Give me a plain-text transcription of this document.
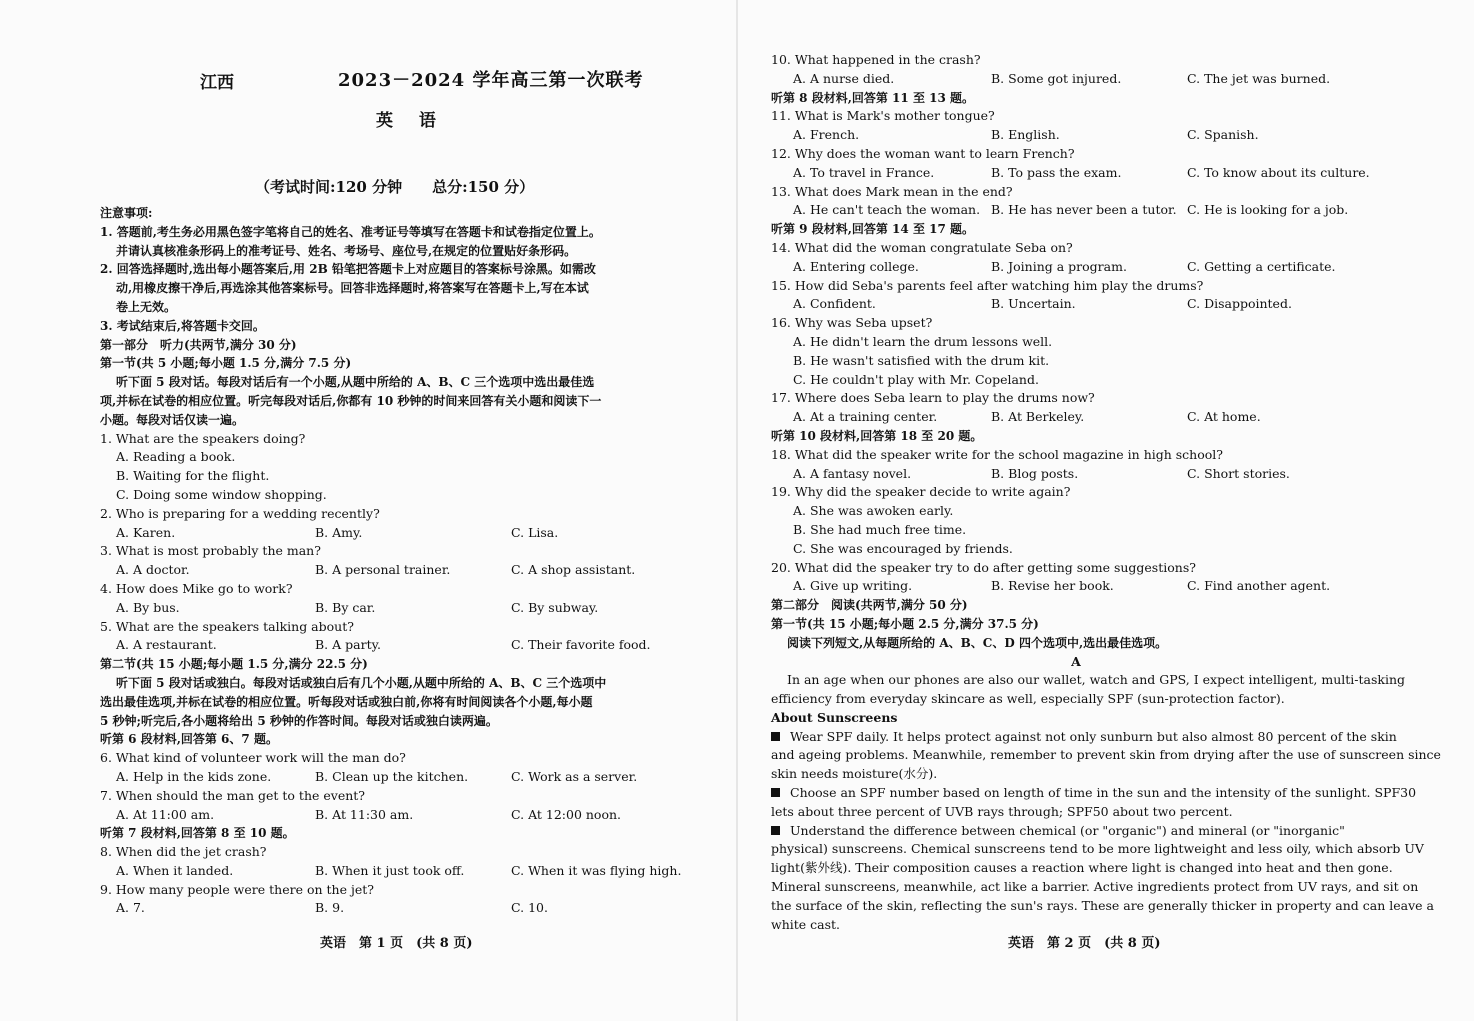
江西	2023－2024 学年高三第一次联考
英 语
（考试时间:120 分钟　　总分:150 分）
注意事项:
1. 答题前,考生务必用黑色签字笔将自己的姓名、准考证号等填写在答题卡和试卷指定位置上。
并请认真核准条形码上的准考证号、姓名、考场号、座位号,在规定的位置贴好条形码。
2. 回答选择题时,选出每小题答案后,用 2B 铅笔把答题卡上对应题目的答案标号涂黑。如需改
动,用橡皮擦干净后,再选涂其他答案标号。回答非选择题时,将答案写在答题卡上,写在本试
卷上无效。
3. 考试结束后,将答题卡交回。
第一部分　听力(共两节,满分 30 分)
第一节(共 5 小题;每小题 1.5 分,满分 7.5 分)
听下面 5 段对话。每段对话后有一个小题,从题中所给的 A、B、C 三个选项中选出最佳选
项,并标在试卷的相应位置。听完每段对话后,你都有 10 秒钟的时间来回答有关小题和阅读下一
小题。每段对话仅读一遍。
1. What are the speakers doing?
A. Reading a book.
B. Waiting for the flight.
C. Doing some window shopping.
2. Who is preparing for a wedding recently?
A. Karen.	B. Amy.	C. Lisa.
3. What is most probably the man?
A. A doctor.	B. A personal trainer.	C. A shop assistant.
4. How does Mike go to work?
A. By bus.	B. By car.	C. By subway.
5. What are the speakers talking about?
A. A restaurant.	B. A party.	C. Their favorite food.
第二节(共 15 小题;每小题 1.5 分,满分 22.5 分)
听下面 5 段对话或独白。每段对话或独白后有几个小题,从题中所给的 A、B、C 三个选项中
选出最佳选项,并标在试卷的相应位置。听每段对话或独白前,你将有时间阅读各个小题,每小题
5 秒钟;听完后,各小题将给出 5 秒钟的作答时间。每段对话或独白读两遍。
听第 6 段材料,回答第 6、7 题。
6. What kind of volunteer work will the man do?
A. Help in the kids zone.	B. Clean up the kitchen.	C. Work as a server.
7. When should the man get to the event?
A. At 11:00 am.	B. At 11:30 am.	C. At 12:00 noon.
听第 7 段材料,回答第 8 至 10 题。
8. When did the jet crash?
A. When it landed.	B. When it just took off.	C. When it was flying high.
9. How many people were there on the jet?
A. 7.	B. 9.	C. 10.
英语　第 1 页　(共 8 页)
10. What happened in the crash?
A. A nurse died.	B. Some got injured.	C. The jet was burned.
听第 8 段材料,回答第 11 至 13 题。
11. What is Mark's mother tongue?
A. French.	B. English.	C. Spanish.
12. Why does the woman want to learn French?
A. To travel in France.	B. To pass the exam.	C. To know about its culture.
13. What does Mark mean in the end?
A. He can't teach the woman. B. He has never been a tutor. C. He is looking for a job.
听第 9 段材料,回答第 14 至 17 题。
14. What did the woman congratulate Seba on?
A. Entering college.	B. Joining a program.	C. Getting a certificate.
15. How did Seba's parents feel after watching him play the drums?
A. Confident.	B. Uncertain.	C. Disappointed.
16. Why was Seba upset?
A. He didn't learn the drum lessons well.
B. He wasn't satisfied with the drum kit.
C. He couldn't play with Mr. Copeland.
17. Where does Seba learn to play the drums now?
A. At a training center.	B. At Berkeley.	C. At home.
听第 10 段材料,回答第 18 至 20 题。
18. What did the speaker write for the school magazine in high school?
A. A fantasy novel.	B. Blog posts.	C. Short stories.
19. Why did the speaker decide to write again?
A. She was awoken early.
B. She had much free time.
C. She was encouraged by friends.
20. What did the speaker try to do after getting some suggestions?
A. Give up writing.	B. Revise her book.	C. Find another agent.
第二部分　阅读(共两节,满分 50 分)
第一节(共 15 小题;每小题 2.5 分,满分 37.5 分)
阅读下列短文,从每题所给的 A、B、C、D 四个选项中,选出最佳选项。
A
In an age when our phones are also our wallet, watch and GPS, I expect intelligent, multi-tasking
efficiency from everyday skincare as well, especially SPF (sun-protection factor).
About Sunscreens
Wear SPF daily. It helps protect against not only sunburn but also almost 80 percent of the skin
and ageing problems. Meanwhile, remember to prevent skin from drying after the use of sunscreen since
skin needs moisture(水分).
Choose an SPF number based on length of time in the sun and the intensity of the sunlight. SPF30
lets about three percent of UVB rays through; SPF50 about two percent.
Understand the difference between chemical (or "organic") and mineral (or "inorganic"
physical) sunscreens. Chemical sunscreens tend to be more lightweight and less oily, which absorb UV
light(紫外线). Their composition causes a reaction where light is changed into heat and then gone.
Mineral sunscreens, meanwhile, act like a barrier. Active ingredients protect from UV rays, and sit on
the surface of the skin, reflecting the sun's rays. These are generally thicker in property and can leave a
white cast.
英语　第 2 页　(共 8 页)
